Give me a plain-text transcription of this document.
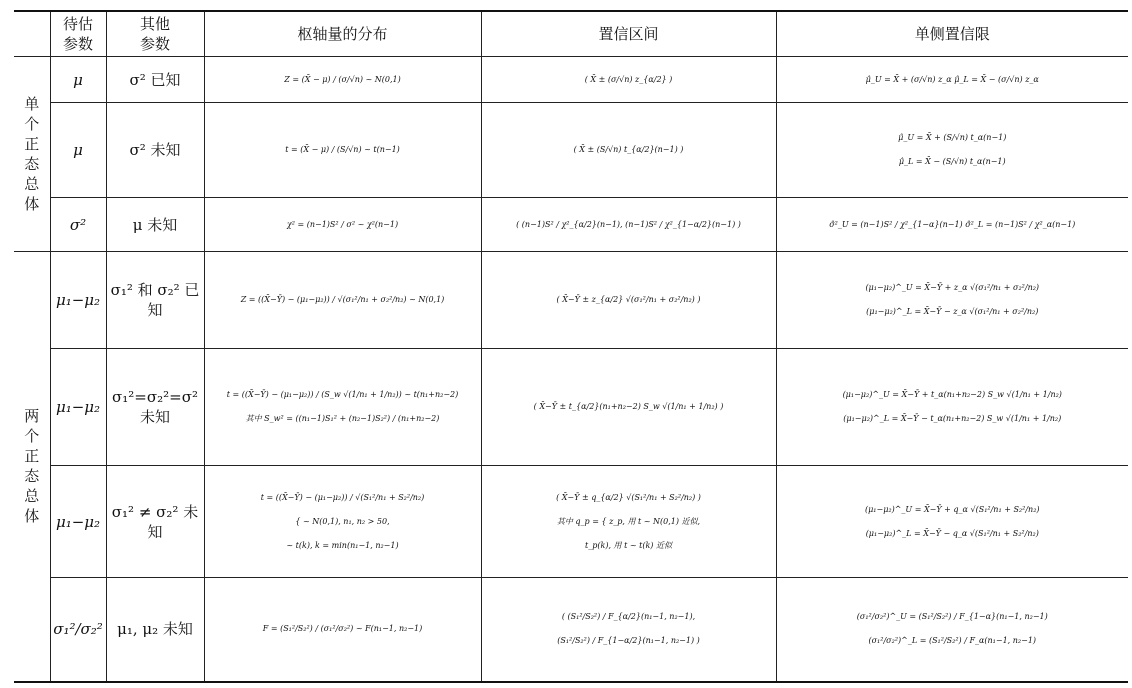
	待估
参数	其他
参数	枢轴量的分布	置信区间	单侧置信限
单个
正态
总体	μ	σ² 已知	Z = (X̄ − μ) / (σ/√n) ~ N(0,1)	( X̄ ± (σ/√n) z_{α/2} )	μ̂_U = X̄ + (σ/√n) z_α μ̂_L = X̄ − (σ/√n) z_α

	μ	σ² 未知	t = (X̄ − μ) / (S/√n) ~ t(n−1)	( X̄ ± (S/√n) t_{α/2}(n−1) )	μ̂_U = X̄ + (S/√n) t_α(n−1)
μ̂_L = X̄ − (S/√n) t_α(n−1)

	σ²	μ 未知	χ² = (n−1)S² / σ² ~ χ²(n−1)	( (n−1)S² / χ²_{α/2}(n−1), (n−1)S² / χ²_{1−α/2}(n−1) )	σ̂²_U = (n−1)S² / χ²_{1−α}(n−1) σ̂²_L = (n−1)S² / χ²_α(n−1)

两个
正态
总体	μ₁−μ₂	σ₁² 和 σ₂² 已知	Z = ((X̄−Ȳ) − (μ₁−μ₂)) / √(σ₁²/n₁ + σ₂²/n₂) ~ N(0,1)	( X̄−Ȳ ± z_{α/2} √(σ₁²/n₁ + σ₂²/n₂) )	(μ₁−μ₂)^_U = X̄−Ȳ + z_α √(σ₁²/n₁ + σ₂²/n₂)
(μ₁−μ₂)^_L = X̄−Ȳ − z_α √(σ₁²/n₁ + σ₂²/n₂)

	μ₁−μ₂	σ₁²=σ₂²=σ²
未知	t = ((X̄−Ȳ) − (μ₁−μ₂)) / (S_w √(1/n₁ + 1/n₂)) ~ t(n₁+n₂−2)
其中 S_w² = ((n₁−1)S₁² + (n₂−1)S₂²) / (n₁+n₂−2)	( X̄−Ȳ ± t_{α/2}(n₁+n₂−2) S_w √(1/n₁ + 1/n₂) )	(μ₁−μ₂)^_U = X̄−Ȳ + t_α(n₁+n₂−2) S_w √(1/n₁ + 1/n₂)
(μ₁−μ₂)^_L = X̄−Ȳ − t_α(n₁+n₂−2) S_w √(1/n₁ + 1/n₂)

	μ₁−μ₂	σ₁² ≠ σ₂² 未知	t = ((X̄−Ȳ) − (μ₁−μ₂)) / √(S₁²/n₁ + S₂²/n₂)
{ ~ N(0,1), n₁, n₂ > 50,
~ t(k), k = min(n₁−1, n₂−1)	( X̄−Ȳ ± q_{α/2} √(S₁²/n₁ + S₂²/n₂) )
其中 q_p = { z_p, 用 t ~ N(0,1) 近似,
t_p(k), 用 t ~ t(k) 近似	(μ₁−μ₂)^_U = X̄−Ȳ + q_α √(S₁²/n₁ + S₂²/n₂)
(μ₁−μ₂)^_L = X̄−Ȳ − q_α √(S₁²/n₁ + S₂²/n₂)

	σ₁²/σ₂²	μ₁, μ₂ 未知	F = (S₁²/S₂²) / (σ₁²/σ₂²) ~ F(n₁−1, n₂−1)	( (S₁²/S₂²) / F_{α/2}(n₁−1, n₂−1),
(S₁²/S₂²) / F_{1−α/2}(n₁−1, n₂−1) )	(σ₁²/σ₂²)^_U = (S₁²/S₂²) / F_{1−α}(n₁−1, n₂−1)
(σ₁²/σ₂²)^_L = (S₁²/S₂²) / F_α(n₁−1, n₂−1)
